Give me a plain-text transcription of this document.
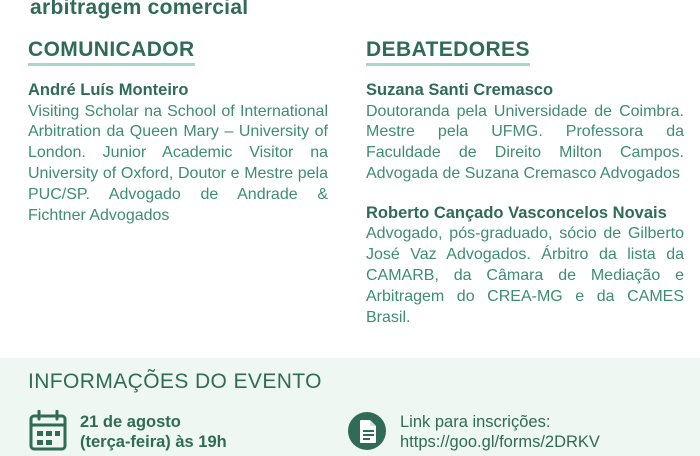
arbitragem comercial
COMUNICADOR

André Luís Monteiro

Visiting Scholar na School of International Arbitration da Queen Mary – University of London. Junior Academic Visitor na University of Oxford, Doutor e Mestre pela PUC/SP. Advogado de Andrade & Fichtner Advogados

DEBATEDORES

Suzana Santi Cremasco

Doutoranda pela Universidade de Coimbra. Mestre pela UFMG. Professora da Faculdade de Direito Milton Campos. Advogada de Suzana Cremasco Advogados

Roberto Cançado Vasconcelos Novais

Advogado, pós-graduado, sócio de Gilberto José Vaz Advogados. Árbitro da lista da CAMARB, da Câmara de Mediação e Arbitragem do CREA-MG e da CAMES Brasil.

INFORMAÇÕES DO EVENTO
21 de agosto
(terça-feira) às 19h
Link para inscrições:
https://goo.gl/forms/2DRKV
